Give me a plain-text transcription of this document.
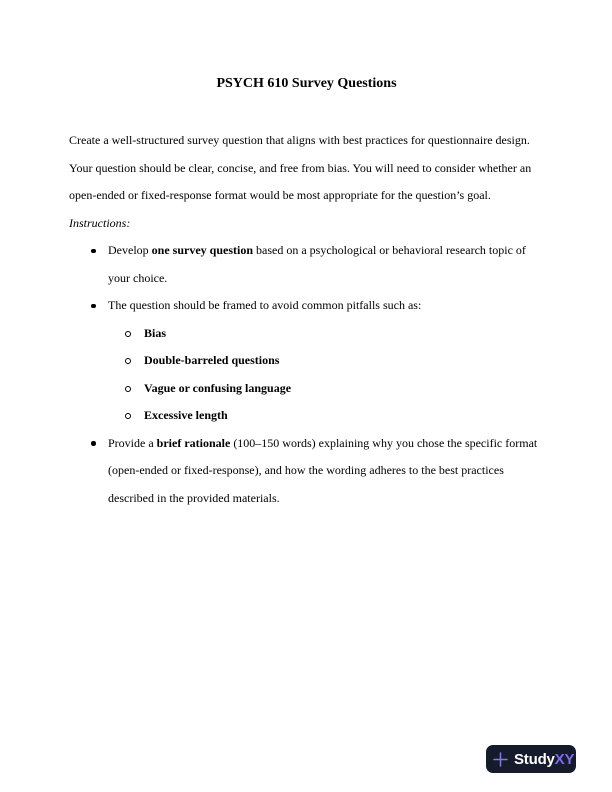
PSYCH 610 Survey Questions

Create a well-structured survey question that aligns with best practices for questionnaire design. Your question should be clear, concise, and free from bias. You will need to consider whether an open-ended or fixed-response format would be most appropriate for the question’s goal.

Instructions:

Develop one survey question based on a psychological or behavioral research topic of your choice.
The question should be framed to avoid common pitfalls such as:
Bias
Double-barreled questions
Vague or confusing language
Excessive length
Provide a brief rationale (100–150 words) explaining why you chose the specific format (open-ended or fixed-response), and how the wording adheres to the best practices described in the provided materials.
StudyXY
